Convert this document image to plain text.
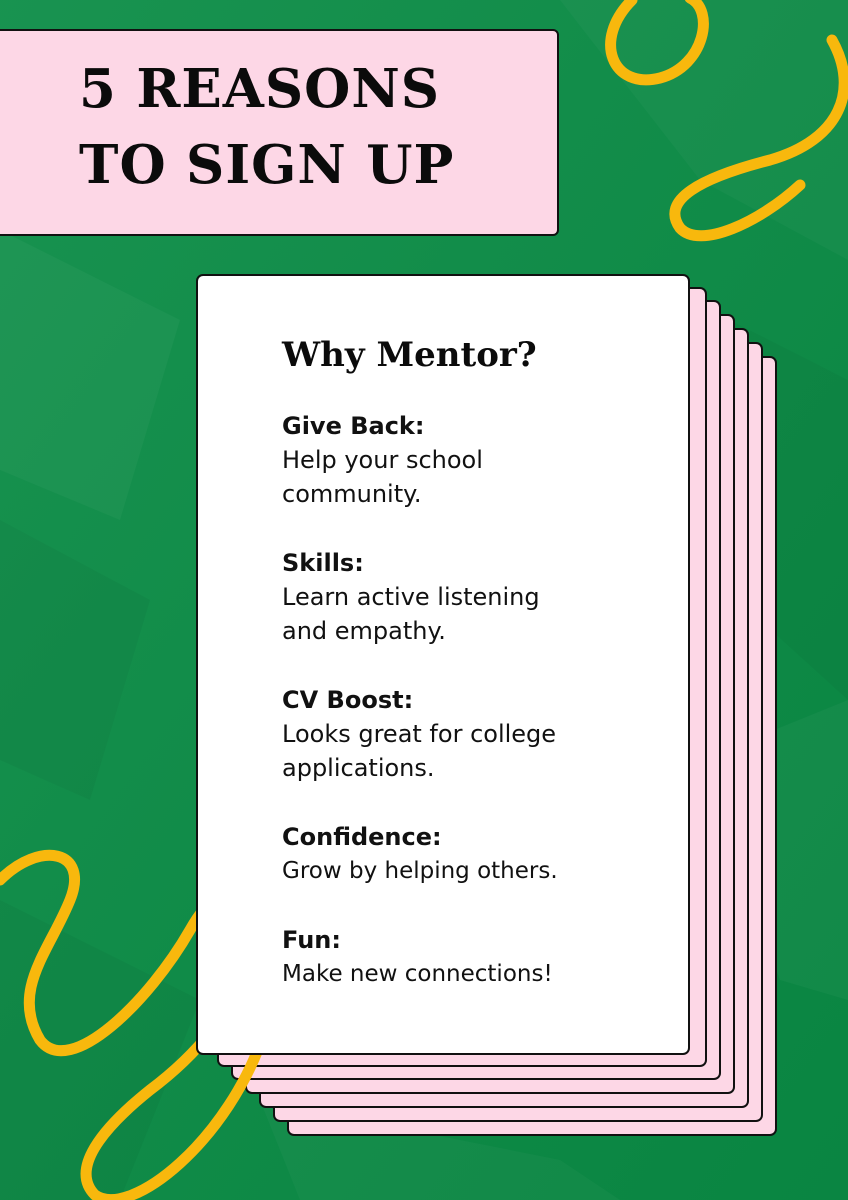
5 REASONS
TO SIGN UP
Why Mentor?
Give Back:
Help your school community.
Skills:
Learn active listening and empathy.
CV Boost:
Looks great for college applications.
Confidence:
Grow by helping others.
Fun:
Make new connections!
